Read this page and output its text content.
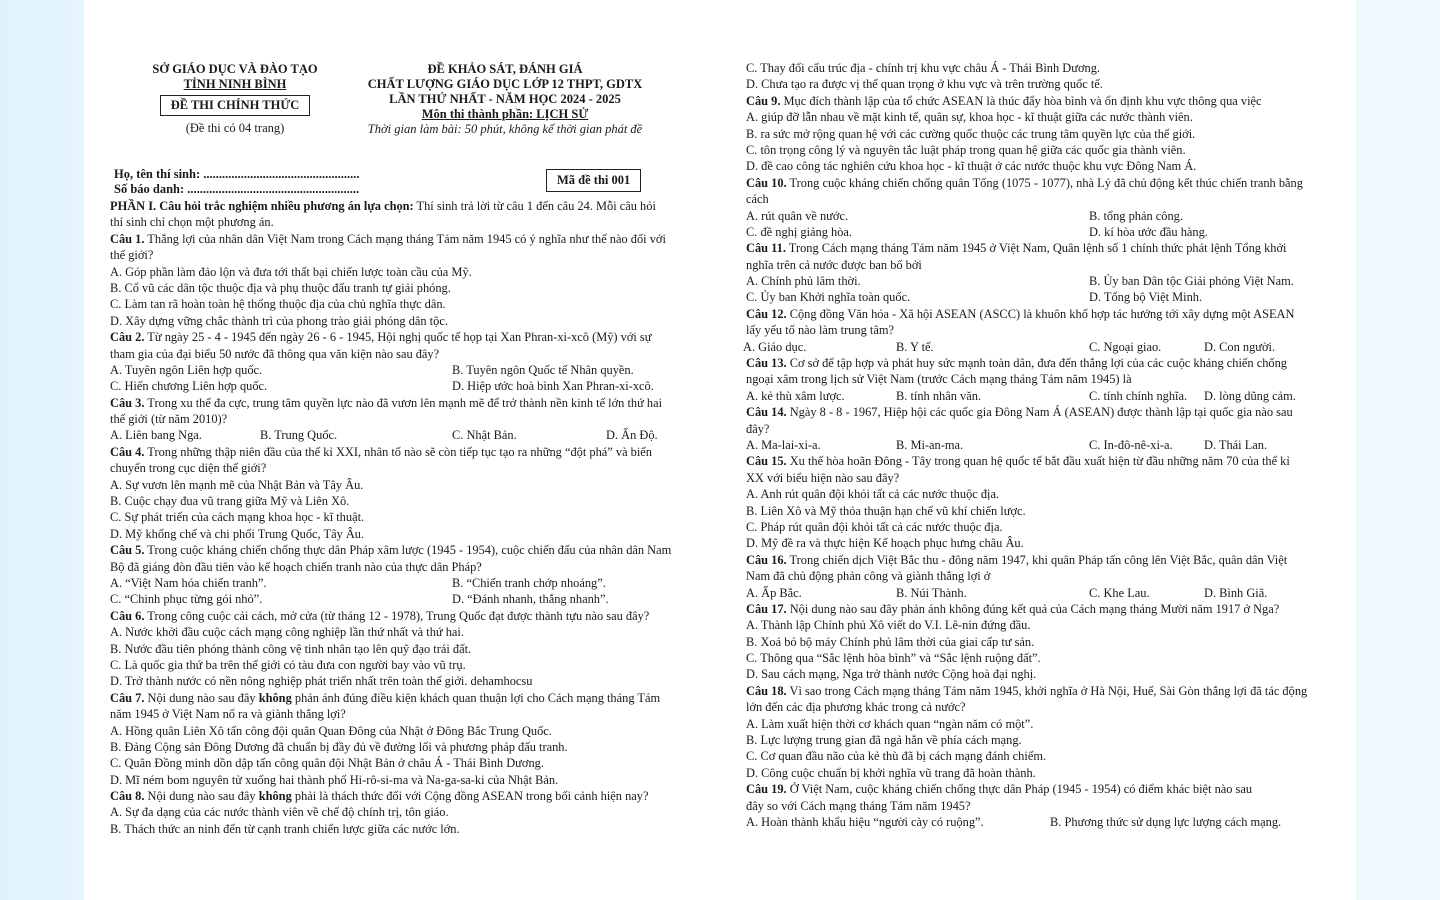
SỞ GIÁO DỤC VÀ ĐÀO TẠO
TỈNH NINH BÌNH
ĐỀ THI CHÍNH THỨC
(Đề thi có 04 trang)
ĐỀ KHẢO SÁT, ĐÁNH GIÁ
CHẤT LƯỢNG GIÁO DỤC LỚP 12 THPT, GDTX
LẦN THỨ NHẤT - NĂM HỌC 2024 - 2025
Môn thi thành phần: LỊCH SỬ
Thời gian làm bài: 50 phút, không kể thời gian phát đề
Họ, tên thí sinh: ..................................................
Số báo danh: .......................................................
Mã đề thi 001
PHẦN I. Câu hỏi trắc nghiệm nhiều phương án lựa chọn: Thí sinh trả lời từ câu 1 đến câu 24. Mỗi câu hỏi
thí sinh chỉ chọn một phương án.
Câu 1. Thắng lợi của nhân dân Việt Nam trong Cách mạng tháng Tám năm 1945 có ý nghĩa như thế nào đối với
thế giới?
A. Góp phần làm đảo lộn và đưa tới thất bại chiến lược toàn cầu của Mỹ.
B. Cổ vũ các dân tộc thuộc địa và phụ thuộc đấu tranh tự giải phóng.
C. Làm tan rã hoàn toàn hệ thống thuộc địa của chủ nghĩa thực dân.
D. Xây dựng vững chắc thành trì của phong trào giải phóng dân tộc.
Câu 2. Từ ngày 25 - 4 - 1945 đến ngày 26 - 6 - 1945, Hội nghị quốc tế họp tại Xan Phran-xi-xcô (Mỹ) với sự
tham gia của đại biểu 50 nước đã thông qua văn kiện nào sau đây?
A. Tuyên ngôn Liên hợp quốc.	B. Tuyên ngôn Quốc tế Nhân quyền.
C. Hiến chương Liên hợp quốc.	D. Hiệp ước hoà bình Xan Phran-xi-xcô.
Câu 3. Trong xu thế đa cực, trung tâm quyền lực nào đã vươn lên mạnh mẽ để trở thành nền kinh tế lớn thứ hai
thế giới (từ năm 2010)?
A. Liên bang Nga.	B. Trung Quốc.	C. Nhật Bản.	D. Ấn Độ.
Câu 4. Trong những thập niên đầu của thế kỉ XXI, nhân tố nào sẽ còn tiếp tục tạo ra những “đột phá” và biến
chuyển trong cục diện thế giới?
A. Sự vươn lên mạnh mẽ của Nhật Bản và Tây Âu.
B. Cuộc chạy đua vũ trang giữa Mỹ và Liên Xô.
C. Sự phát triển của cách mạng khoa học - kĩ thuật.
D. Mỹ khống chế và chi phối Trung Quốc, Tây Âu.
Câu 5. Trong cuộc kháng chiến chống thực dân Pháp xâm lược (1945 - 1954), cuộc chiến đấu của nhân dân Nam
Bộ đã giáng đòn đầu tiên vào kế hoạch chiến tranh nào của thực dân Pháp?
A. “Việt Nam hóa chiến tranh”.	B. “Chiến tranh chớp nhoáng”.
C. “Chinh phục từng gói nhỏ”.	D. “Đánh nhanh, thắng nhanh”.
Câu 6. Trong công cuộc cải cách, mở cửa (từ tháng 12 - 1978), Trung Quốc đạt được thành tựu nào sau đây?
A. Nước khởi đầu cuộc cách mạng công nghiệp lần thứ nhất và thứ hai.
B. Nước đầu tiên phóng thành công vệ tinh nhân tạo lên quỹ đạo trái đất.
C. Là quốc gia thứ ba trên thế giới có tàu đưa con người bay vào vũ trụ.
D. Trở thành nước có nền nông nghiệp phát triển nhất trên toàn thế giới. dehamhocsu
Câu 7. Nội dung nào sau đây không phản ánh đúng điều kiện khách quan thuận lợi cho Cách mạng tháng Tám
năm 1945 ở Việt Nam nổ ra và giành thắng lợi?
A. Hồng quân Liên Xô tấn công đội quân Quan Đông của Nhật ở Đông Bắc Trung Quốc.
B. Đảng Cộng sản Đông Dương đã chuẩn bị đầy đủ về đường lối và phương pháp đấu tranh.
C. Quân Đồng minh dồn dập tấn công quân đội Nhật Bản ở châu Á - Thái Bình Dương.
D. Mĩ ném bom nguyên tử xuống hai thành phố Hi-rô-si-ma và Na-ga-sa-ki của Nhật Bản.
Câu 8. Nội dung nào sau đây không phải là thách thức đối với Cộng đồng ASEAN trong bối cảnh hiện nay?
A. Sự đa dạng của các nước thành viên về chế độ chính trị, tôn giáo.
B. Thách thức an ninh đến từ cạnh tranh chiến lược giữa các nước lớn.
C. Thay đổi cấu trúc địa - chính trị khu vực châu Á - Thái Bình Dương.
D. Chưa tạo ra được vị thế quan trọng ở khu vực và trên trường quốc tế.
Câu 9. Mục đích thành lập của tổ chức ASEAN là thúc đẩy hòa bình và ổn định khu vực thông qua việc
A. giúp đỡ lẫn nhau về mặt kinh tế, quân sự, khoa học - kĩ thuật giữa các nước thành viên.
B. ra sức mở rộng quan hệ với các cường quốc thuộc các trung tâm quyền lực của thế giới.
C. tôn trọng công lý và nguyên tắc luật pháp trong quan hệ giữa các quốc gia thành viên.
D. đề cao công tác nghiên cứu khoa học - kĩ thuật ở các nước thuộc khu vực Đông Nam Á.
Câu 10. Trong cuộc kháng chiến chống quân Tống (1075 - 1077), nhà Lý đã chủ động kết thúc chiến tranh bằng
cách
A. rút quân về nước.	B. tổng phản công.
C. đề nghị giảng hòa.	D. kí hòa ước đầu hàng.
Câu 11. Trong Cách mạng tháng Tám năm 1945 ở Việt Nam, Quân lệnh số 1 chính thức phát lệnh Tổng khởi
nghĩa trên cả nước được ban bố bởi
A. Chính phủ lâm thời.	B. Ủy ban Dân tộc Giải phóng Việt Nam.
C. Ủy ban Khởi nghĩa toàn quốc.	D. Tổng bộ Việt Minh.
Câu 12. Cộng đồng Văn hóa - Xã hội ASEAN (ASCC) là khuôn khổ hợp tác hướng tới xây dựng một ASEAN
lấy yếu tố nào làm trung tâm?
A. Giáo dục.	B. Y tế.	C. Ngoại giao.	D. Con người.
Câu 13. Cơ sở để tập hợp và phát huy sức mạnh toàn dân, đưa đến thắng lợi của các cuộc kháng chiến chống
ngoại xâm trong lịch sử Việt Nam (trước Cách mạng tháng Tám năm 1945) là
A. kẻ thù xâm lược.	B. tính nhân văn.	C. tính chính nghĩa. D. lòng dũng cảm.
Câu 14. Ngày 8 - 8 - 1967, Hiệp hội các quốc gia Đông Nam Á (ASEAN) được thành lập tại quốc gia nào sau
đây?
A. Ma-lai-xi-a.	B. Mi-an-ma.	C. In-đô-nê-xi-a.	D. Thái Lan.
Câu 15. Xu thế hòa hoãn Đông - Tây trong quan hệ quốc tế bắt đầu xuất hiện từ đầu những năm 70 của thế kỉ
XX với biểu hiện nào sau đây?
A. Anh rút quân đội khỏi tất cả các nước thuộc địa.
B. Liên Xô và Mỹ thỏa thuận hạn chế vũ khí chiến lược.
C. Pháp rút quân đội khỏi tất cả các nước thuộc địa.
D. Mỹ đề ra và thực hiện Kế hoạch phục hưng châu Âu.
Câu 16. Trong chiến dịch Việt Bắc thu - đông năm 1947, khi quân Pháp tấn công lên Việt Bắc, quân dân Việt
Nam đã chủ động phản công và giành thắng lợi ở
A. Ấp Bắc.	B. Núi Thành.	C. Khe Lau.	D. Bình Giã.
Câu 17. Nội dung nào sau đây phản ánh không đúng kết quả của Cách mạng tháng Mười năm 1917 ở Nga?
A. Thành lập Chính phủ Xô viết do V.I. Lê-nin đứng đầu.
B. Xoá bỏ bộ máy Chính phủ lâm thời của giai cấp tư sản.
C. Thông qua “Sắc lệnh hòa bình” và “Sắc lệnh ruộng đất”.
D. Sau cách mạng, Nga trở thành nước Cộng hoà đại nghị.
Câu 18. Vì sao trong Cách mạng tháng Tám năm 1945, khởi nghĩa ở Hà Nội, Huế, Sài Gòn thắng lợi đã tác động
lớn đến các địa phương khác trong cả nước?
A. Làm xuất hiện thời cơ khách quan “ngàn năm có một”.
B. Lực lượng trung gian đã ngả hẳn về phía cách mạng.
C. Cơ quan đầu não của kẻ thù đã bị cách mạng đánh chiếm.
D. Công cuộc chuẩn bị khởi nghĩa vũ trang đã hoàn thành.
Câu 19. Ở Việt Nam, cuộc kháng chiến chống thực dân Pháp (1945 - 1954) có điểm khác biệt nào sau
đây so với Cách mạng tháng Tám năm 1945?
A. Hoàn thành khẩu hiệu “người cày có ruộng”.	B. Phương thức sử dụng lực lượng cách mạng.
